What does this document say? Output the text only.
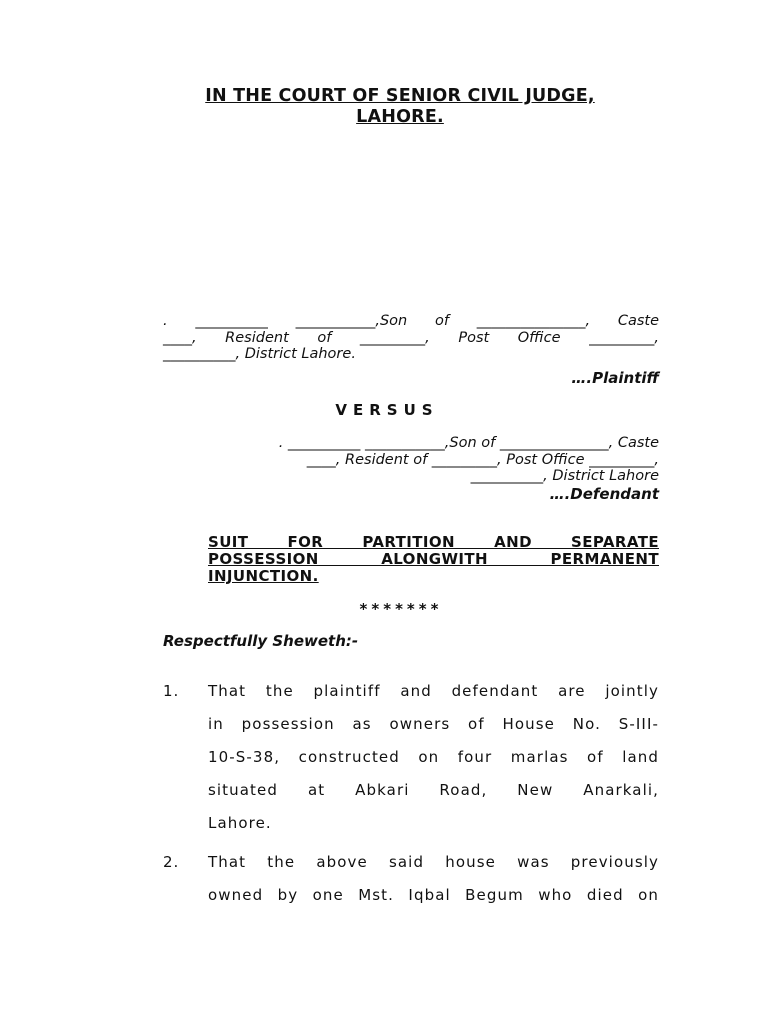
IN THE COURT OF SENIOR CIVIL JUDGE,
LAHORE.
. __________ ___________,Son of _______________, Caste
____, Resident of _________, Post Office _________,
__________, District Lahore.
….Plaintiff
VERSUS
. __________ ___________,Son of _______________, Caste
____, Resident of _________, Post Office _________,
__________, District Lahore
….Defendant
SUIT FOR PARTITION AND SEPARATE
POSSESSION ALONGWITH PERMANENT
INJUNCTION.
*******
Respectfully Sheweth:-
1. That the plaintiff and defendant are jointly
in possession as owners of House No. S-III-
10-S-38, constructed on four marlas of land
situated at Abkari Road, New Anarkali,
Lahore.
2. That the above said house was previously
owned by one Mst. Iqbal Begum who died on
